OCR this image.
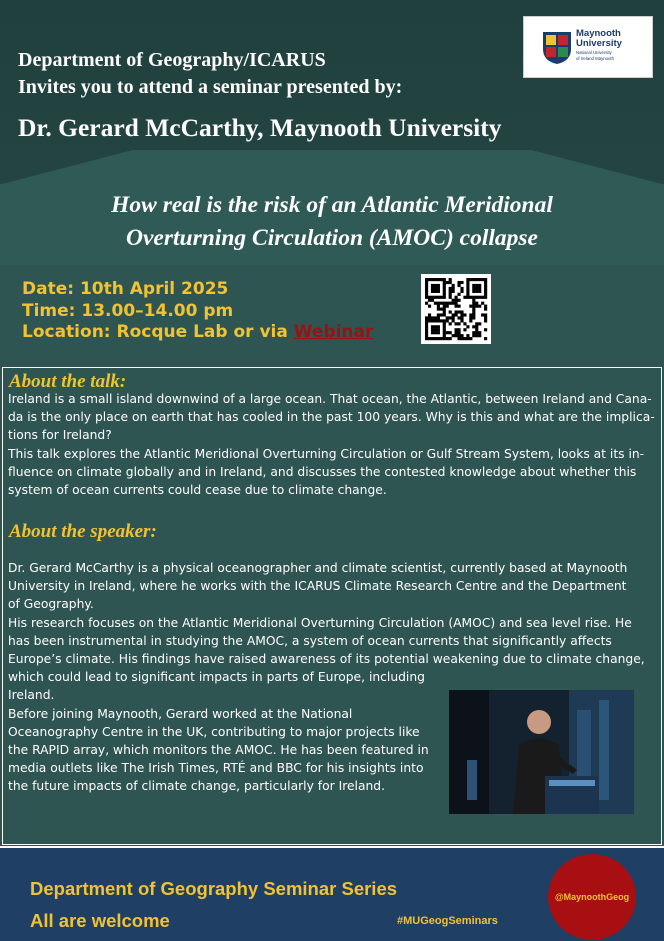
Maynooth
University
National University
of Ireland Maynooth
Department of Geography/ICARUS
Invites you to attend a seminar presented by:
Dr. Gerard McCarthy, Maynooth University
How real is the risk of an Atlantic Meridional
Overturning Circulation (AMOC) collapse
Date: 10th April 2025
Time: 13.00–14.00 pm
Location: Rocque Lab or via Webinar
About the talk:
Ireland is a small island downwind of a large ocean. That ocean, the Atlantic, between Ireland and Cana-
da is the only place on earth that has cooled in the past 100 years. Why is this and what are the implica-
tions for Ireland?
This talk explores the Atlantic Meridional Overturning Circulation or Gulf Stream System, looks at its in-
fluence on climate globally and in Ireland, and discusses the contested knowledge about whether this
system of ocean currents could cease due to climate change.
About the speaker:
Dr. Gerard McCarthy is a physical oceanographer and climate scientist, currently based at Maynooth
University in Ireland, where he works with the ICARUS Climate Research Centre and the Department
of Geography.
His research focuses on the Atlantic Meridional Overturning Circulation (AMOC) and sea level rise. He
has been instrumental in studying the AMOC, a system of ocean currents that significantly affects
Europe’s climate. His findings have raised awareness of its potential weakening due to climate change,
which could lead to significant impacts in parts of Europe, including
Ireland.
Before joining Maynooth, Gerard worked at the National
Oceanography Centre in the UK, contributing to major projects like
the RAPID array, which monitors the AMOC. He has been featured in
media outlets like The Irish Times, RTÉ and BBC for his insights into
the future impacts of climate change, particularly for Ireland.
Department of Geography Seminar Series
All are welcome	#MUGeogSeminars
@MaynoothGeog
